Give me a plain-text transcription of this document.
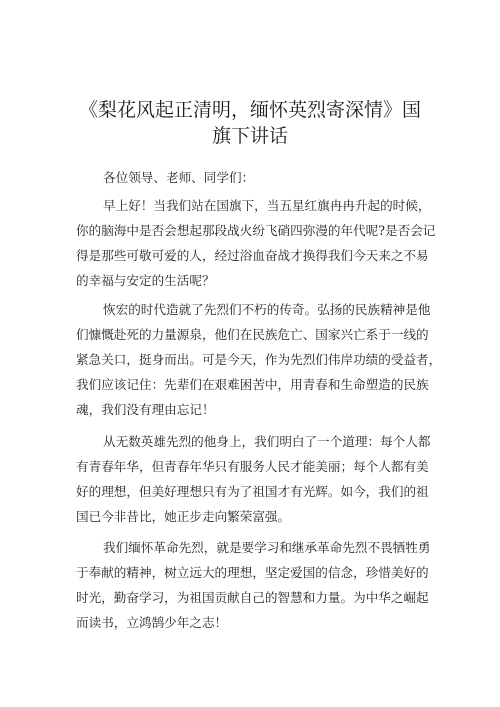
《梨花风起正清明，缅怀英烈寄深情》国
旗下讲话
各位领导、老师、同学们：
早上好！当我们站在国旗下，当五星红旗冉冉升起的时候，
你的脑海中是否会想起那段战火纷飞硝四弥漫的年代呢?是否会记
得是那些可敬可爱的人，经过浴血奋战才换得我们今天来之不易
的幸福与安定的生活呢？
恢宏的时代造就了先烈们不朽的传奇。弘扬的民族精神是他
们慷慨赴死的力量源泉，他们在民族危亡、国家兴亡系于一线的
紧急关口，挺身而出。可是今天，作为先烈们伟岸功绩的受益者，
我们应该记住：先辈们在艰难困苦中，用青春和生命塑造的民族
魂，我们没有理由忘记！
从无数英雄先烈的他身上，我们明白了一个道理：每个人都
有青春年华，但青春年华只有服务人民才能美丽；每个人都有美
好的理想，但美好理想只有为了祖国才有光辉。如今，我们的祖
国已今非昔比，她正步走向繁荣富强。
我们缅怀革命先烈，就是要学习和继承革命先烈不畏牺牲勇
于奉献的精神，树立远大的理想，坚定爱国的信念，珍惜美好的
时光，勤奋学习，为祖国贡献自己的智慧和力量。为中华之崛起
而读书，立鸿鹄少年之志！
